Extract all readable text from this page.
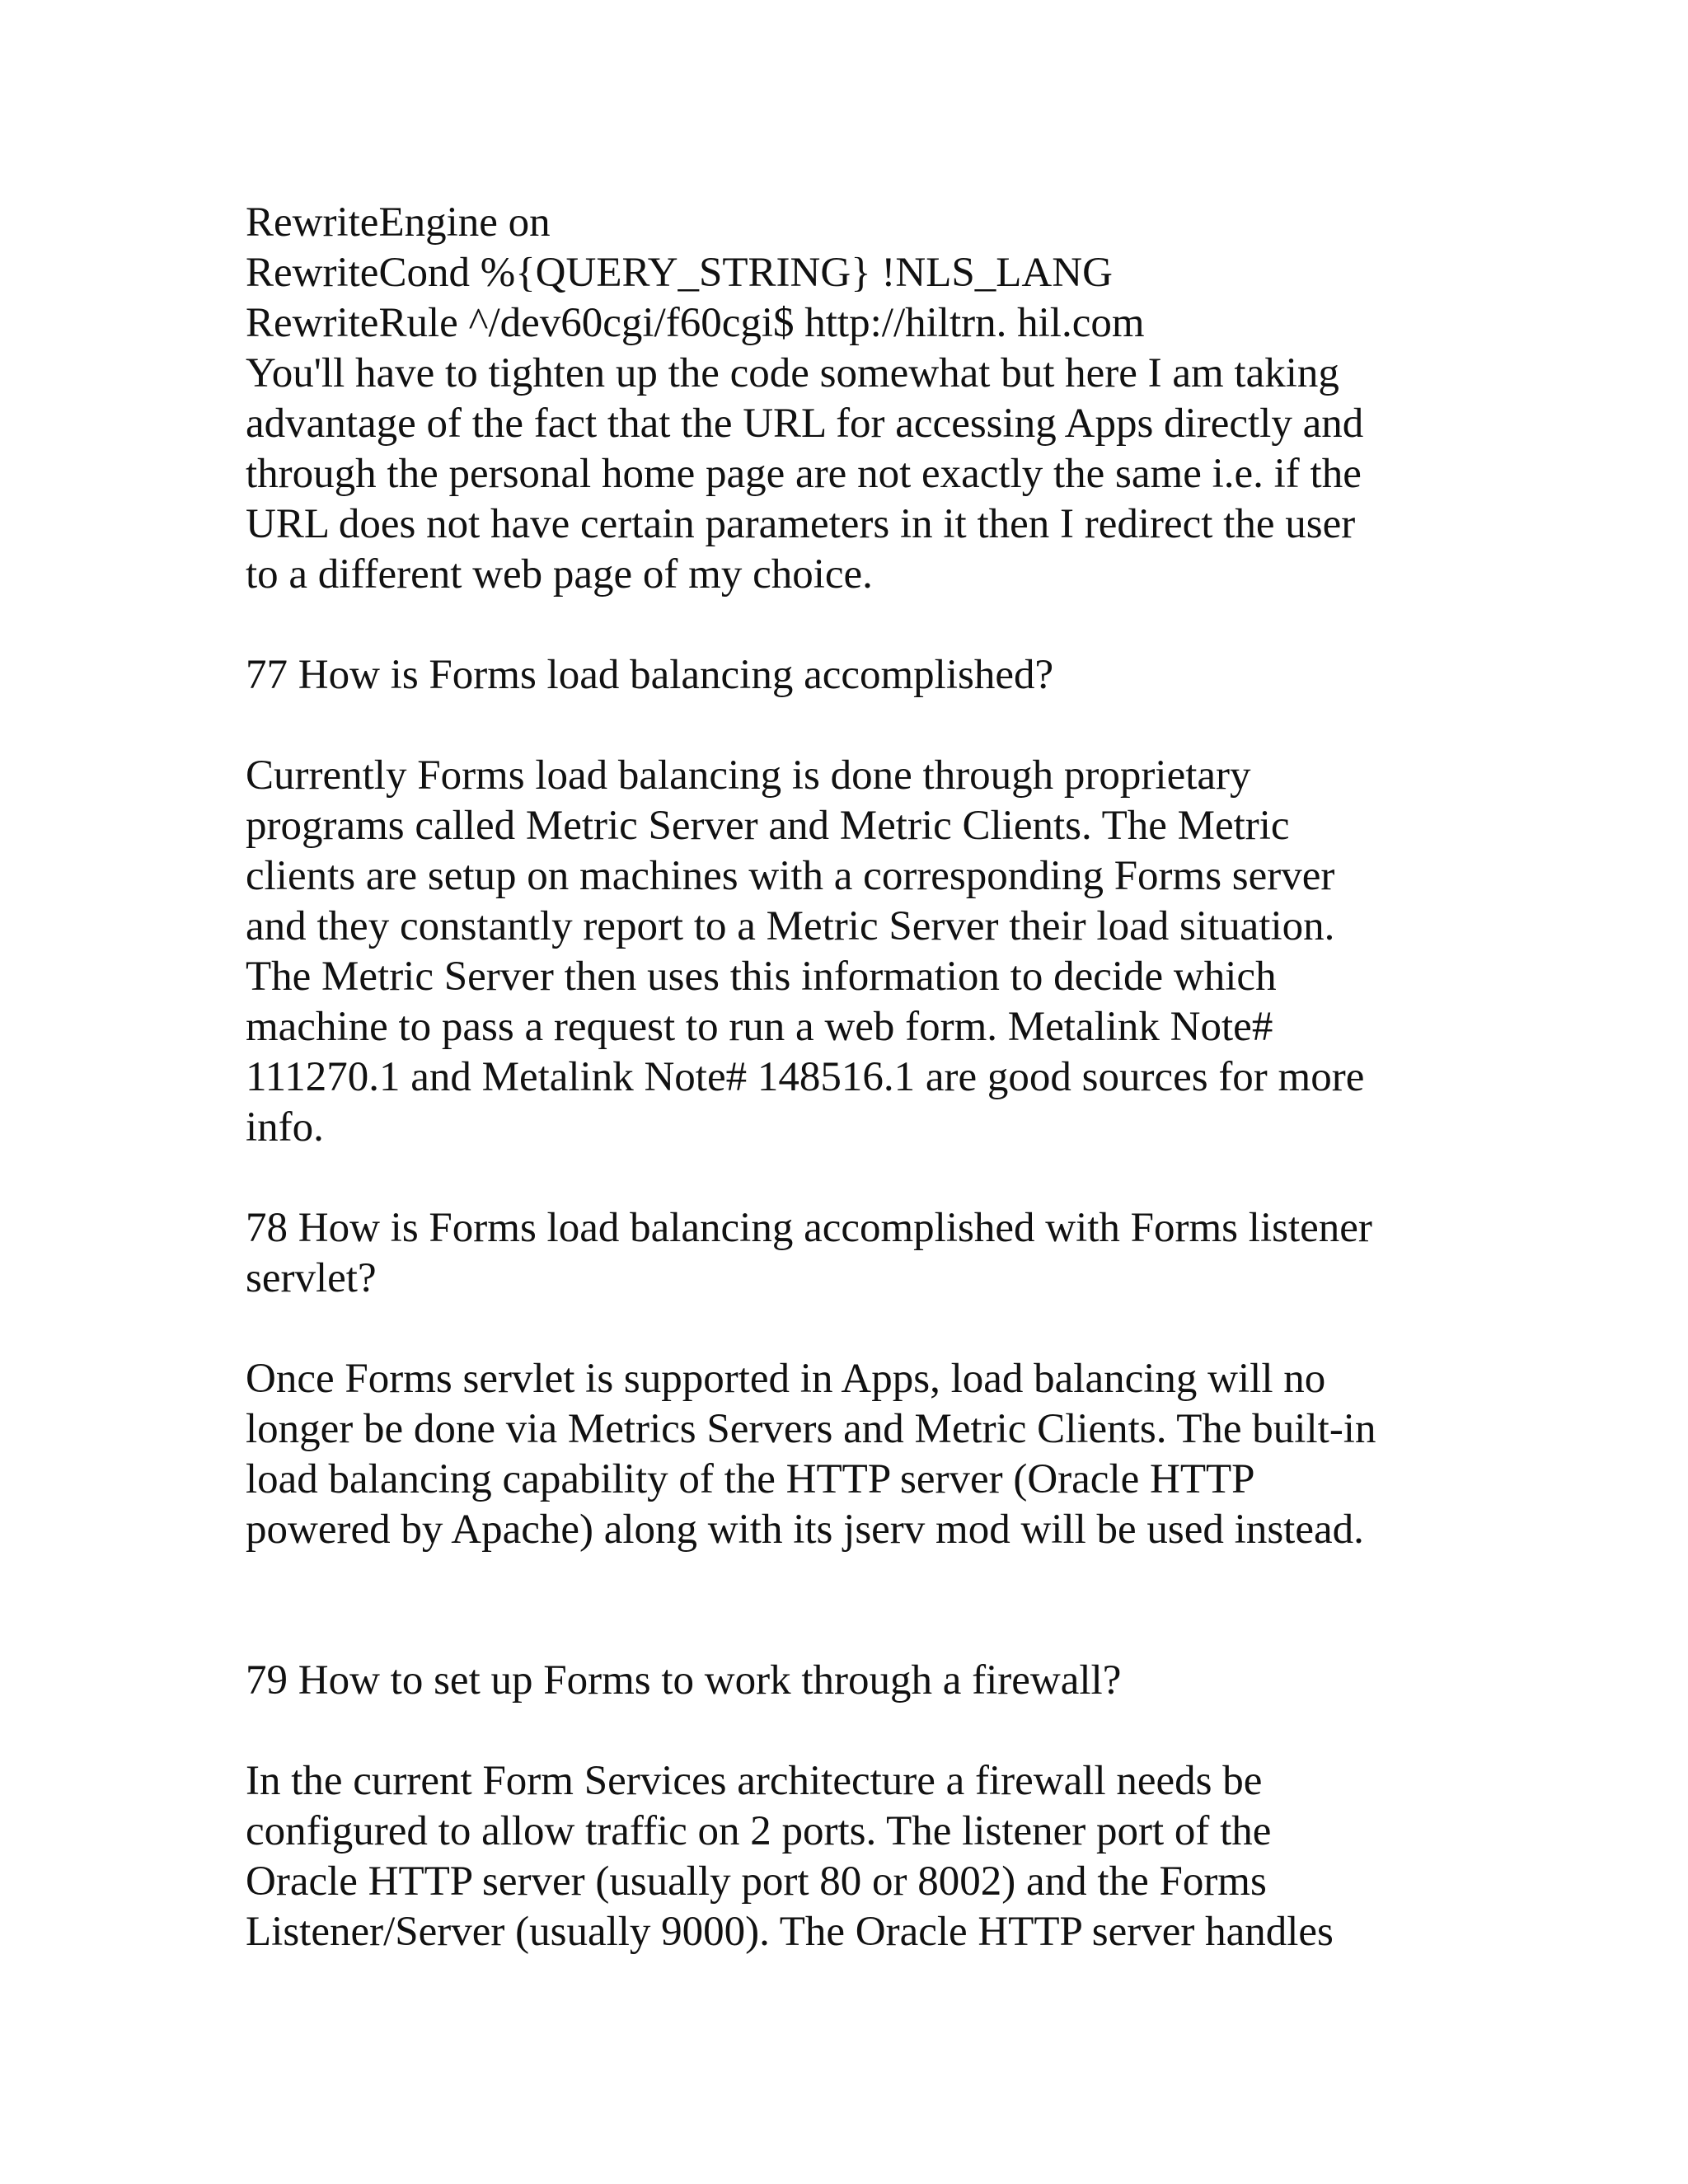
RewriteEngine on
RewriteCond %{QUERY_STRING} !NLS_LANG
RewriteRule ^/dev60cgi/f60cgi$ http://hiltrn. hil.com
You'll have to tighten up the code somewhat but here I am taking
advantage of the fact that the URL for accessing Apps directly and
through the personal home page are not exactly the same i.e. if the
URL does not have certain parameters in it then I redirect the user
to a different web page of my choice.
77 How is Forms load balancing accomplished?
Currently Forms load balancing is done through proprietary
programs called Metric Server and Metric Clients. The Metric
clients are setup on machines with a corresponding Forms server
and they constantly report to a Metric Server their load situation.
The Metric Server then uses this information to decide which
machine to pass a request to run a web form. Metalink Note#
111270.1 and Metalink Note# 148516.1 are good sources for more
info.
78 How is Forms load balancing accomplished with Forms listener
servlet?
Once Forms servlet is supported in Apps, load balancing will no
longer be done via Metrics Servers and Metric Clients. The built-in
load balancing capability of the HTTP server (Oracle HTTP
powered by Apache) along with its jserv mod will be used instead.
79 How to set up Forms to work through a firewall?
In the current Form Services architecture a firewall needs be
configured to allow traffic on 2 ports. The listener port of the
Oracle HTTP server (usually port 80 or 8002) and the Forms
Listener/Server (usually 9000). The Oracle HTTP server handles
